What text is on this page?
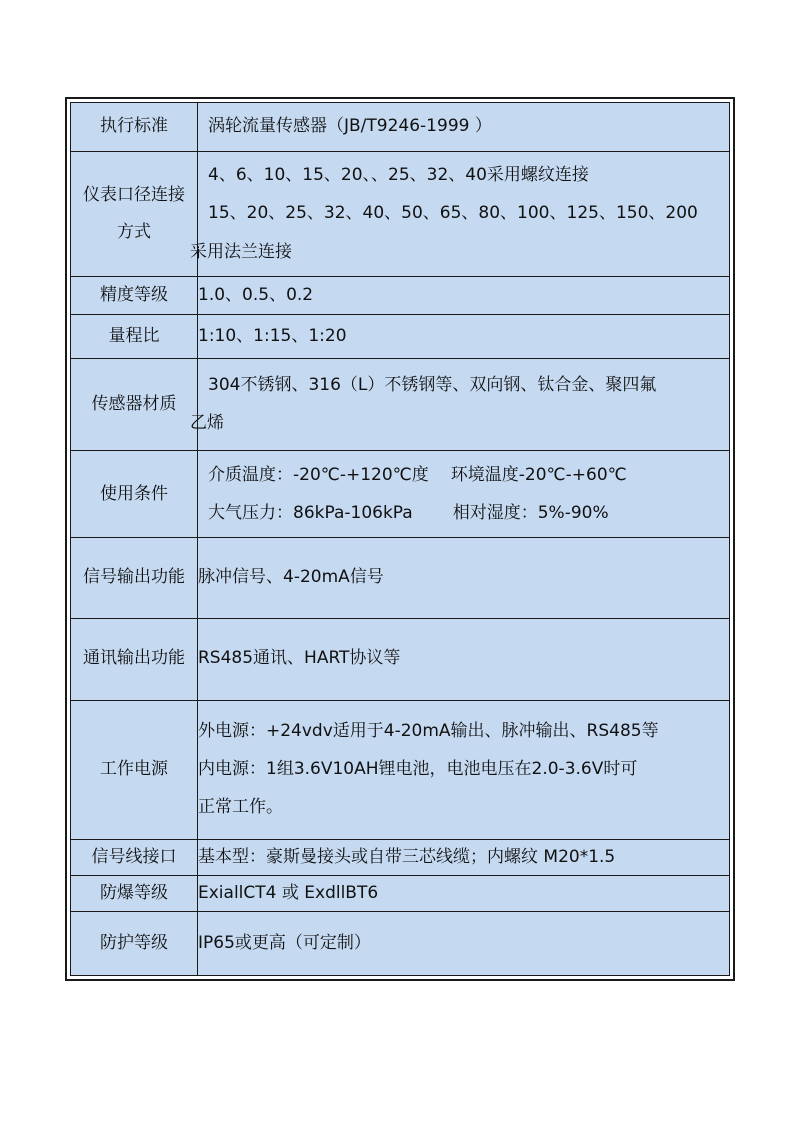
执行标准	涡轮流量传感器（JB/T9246-1999 ）

仪表口径连接
方式	4、6、10、15、20、、25、32、40采用螺纹连接
15、20、25、32、40、50、65、80、100、125、150、200
采用法兰连接

精度等级	1.0、0.5、0.2

量程比	1:10、1:15、1:20

传感器材质	304不锈钢、316（L）不锈钢等、双向钢、钛合金、聚四氟
乙烯

使用条件	介质温度：-20℃-+120℃度 环境温度-20℃-+60℃
大气压力：86kPa-106kPa 相对湿度：5%-90%

信号输出功能	脉冲信号、4-20mA信号

通讯输出功能	RS485通讯、HART协议等

工作电源	外电源：+24vdv适用于4-20mA输出、脉冲输出、RS485等
内电源：1组3.6V10AH锂电池，电池电压在2.0-3.6V时可
正常工作。

信号线接口	基本型：豪斯曼接头或自带三芯线缆；内螺纹 M20*1.5

防爆等级	ExiallCT4 或 ExdllBT6

防护等级	IP65或更高（可定制）
